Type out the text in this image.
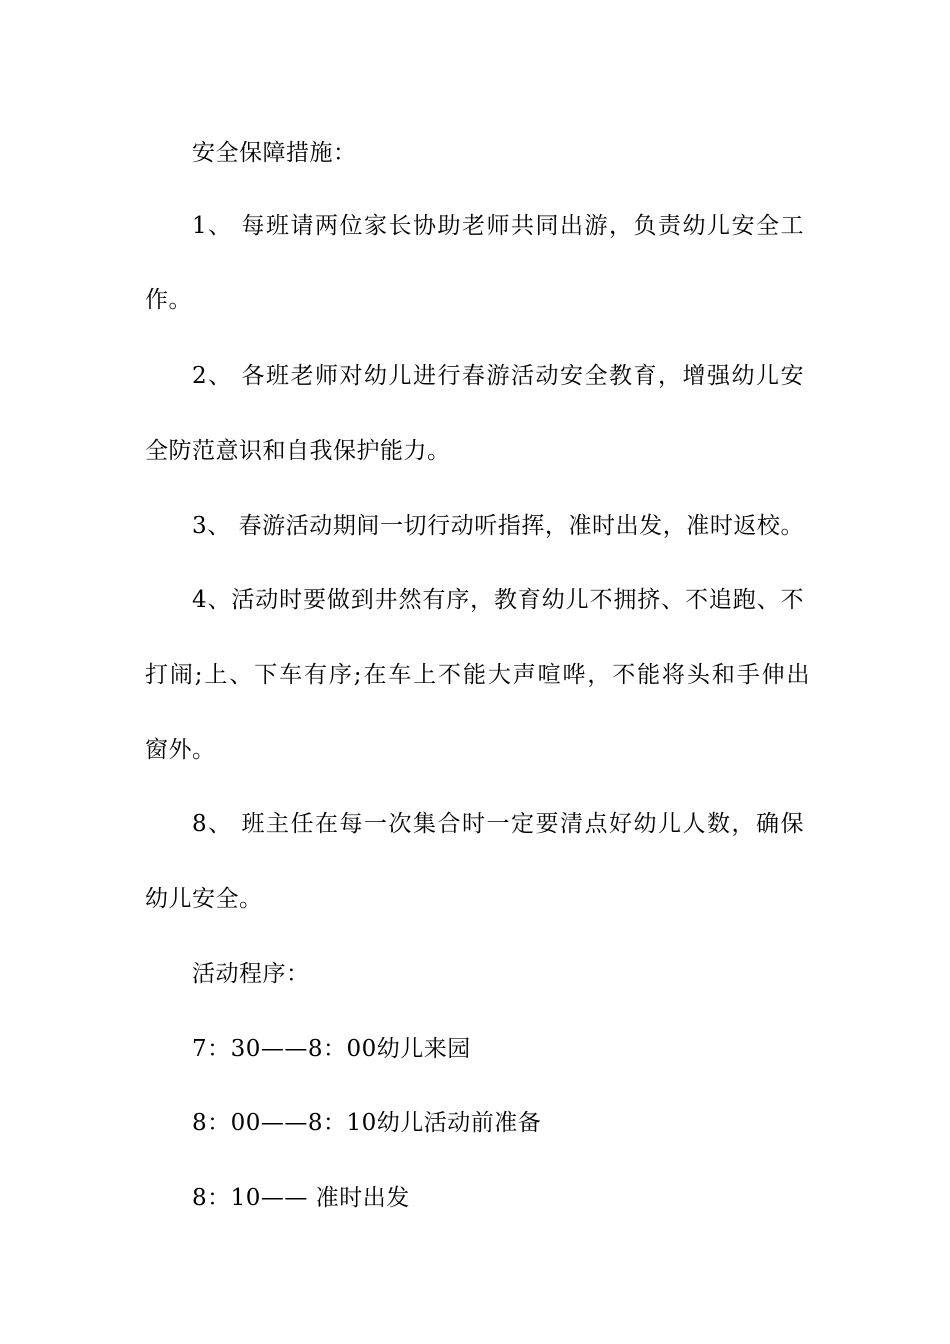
安全保障措施：
1、 每班请两位家长协助老师共同出游，负责幼儿安全工
作。
2、 各班老师对幼儿进行春游活动安全教育，增强幼儿安
全防范意识和自我保护能力。
3、 春游活动期间一切行动听指挥，准时出发，准时返校。
4、活动时要做到井然有序，教育幼儿不拥挤、不追跑、不
打闹;上、下车有序;在车上不能大声喧哗，不能将头和手伸出
窗外。
8、 班主任在每一次集合时一定要清点好幼儿人数，确保
幼儿安全。
活动程序：
7：30——8：00幼儿来园
8：00——8：10幼儿活动前准备
8：10—— 准时出发
